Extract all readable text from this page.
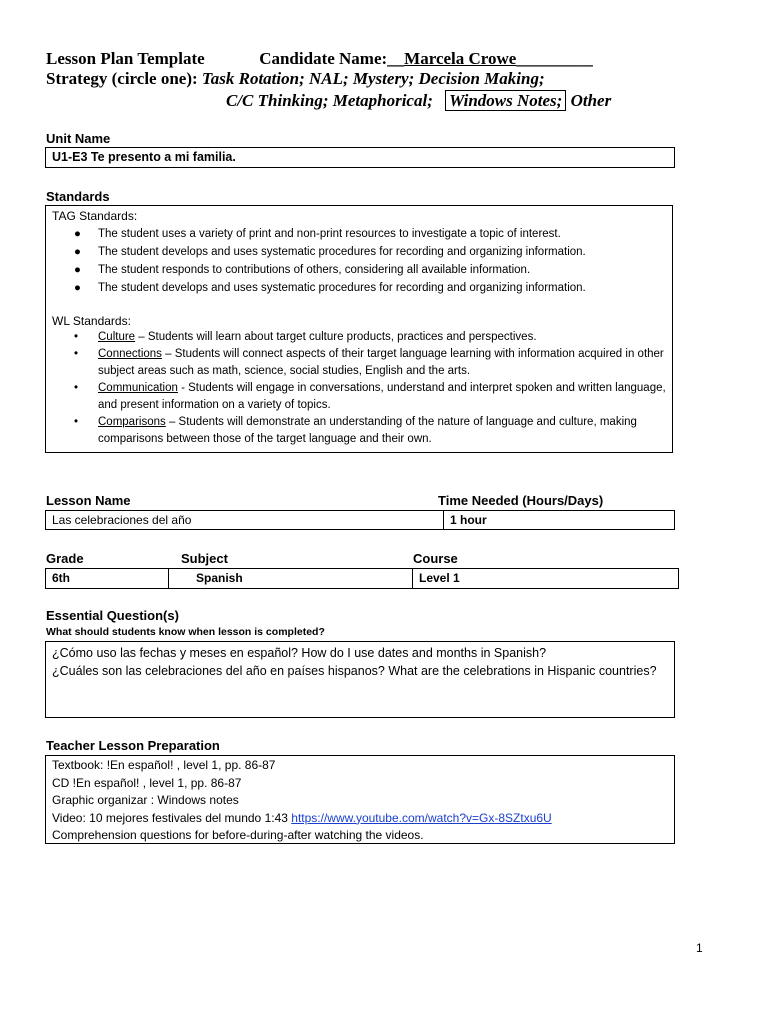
Lesson Plan Template	Candidate Name:__Marcela Crowe_________
Strategy (circle one): Task Rotation; NAL; Mystery; Decision Making;
C/C Thinking; Metaphorical; Windows Notes; Other
Unit Name
U1-E3 Te presento a mi familia.
Standards
TAG Standards:
● The student uses a variety of print and non-print resources to investigate a topic of interest.
● The student develops and uses systematic procedures for recording and organizing information.
● The student responds to contributions of others, considering all available information.
● The student develops and uses systematic procedures for recording and organizing information.
WL Standards:
• Culture – Students will learn about target culture products, practices and perspectives.
• Connections – Students will connect aspects of their target language learning with information acquired in other subject areas such as math, science, social studies, English and the arts.
• Communication - Students will engage in conversations, understand and interpret spoken and written language, and present information on a variety of topics.
• Comparisons – Students will demonstrate an understanding of the nature of language and culture, making comparisons between those of the target language and their own.
Lesson Name	Time Needed (Hours/Days)
Las celebraciones del año	1 hour
Grade	Subject	Course
6th	Spanish	Level 1
Essential Question(s)
What should students know when lesson is completed?
¿Cómo uso las fechas y meses en español? How do I use dates and months in Spanish?
¿Cuáles son las celebraciones del año en países hispanos? What are the celebrations in Hispanic countries?
Teacher Lesson Preparation
Textbook: !En español! , level 1, pp. 86-87
CD !En español! , level 1, pp. 86-87
Graphic organizar : Windows notes
Video: 10 mejores festivales del mundo 1:43 https://www.youtube.com/watch?v=Gx-8SZtxu6U
Comprehension questions for before-during-after watching the videos.
1
